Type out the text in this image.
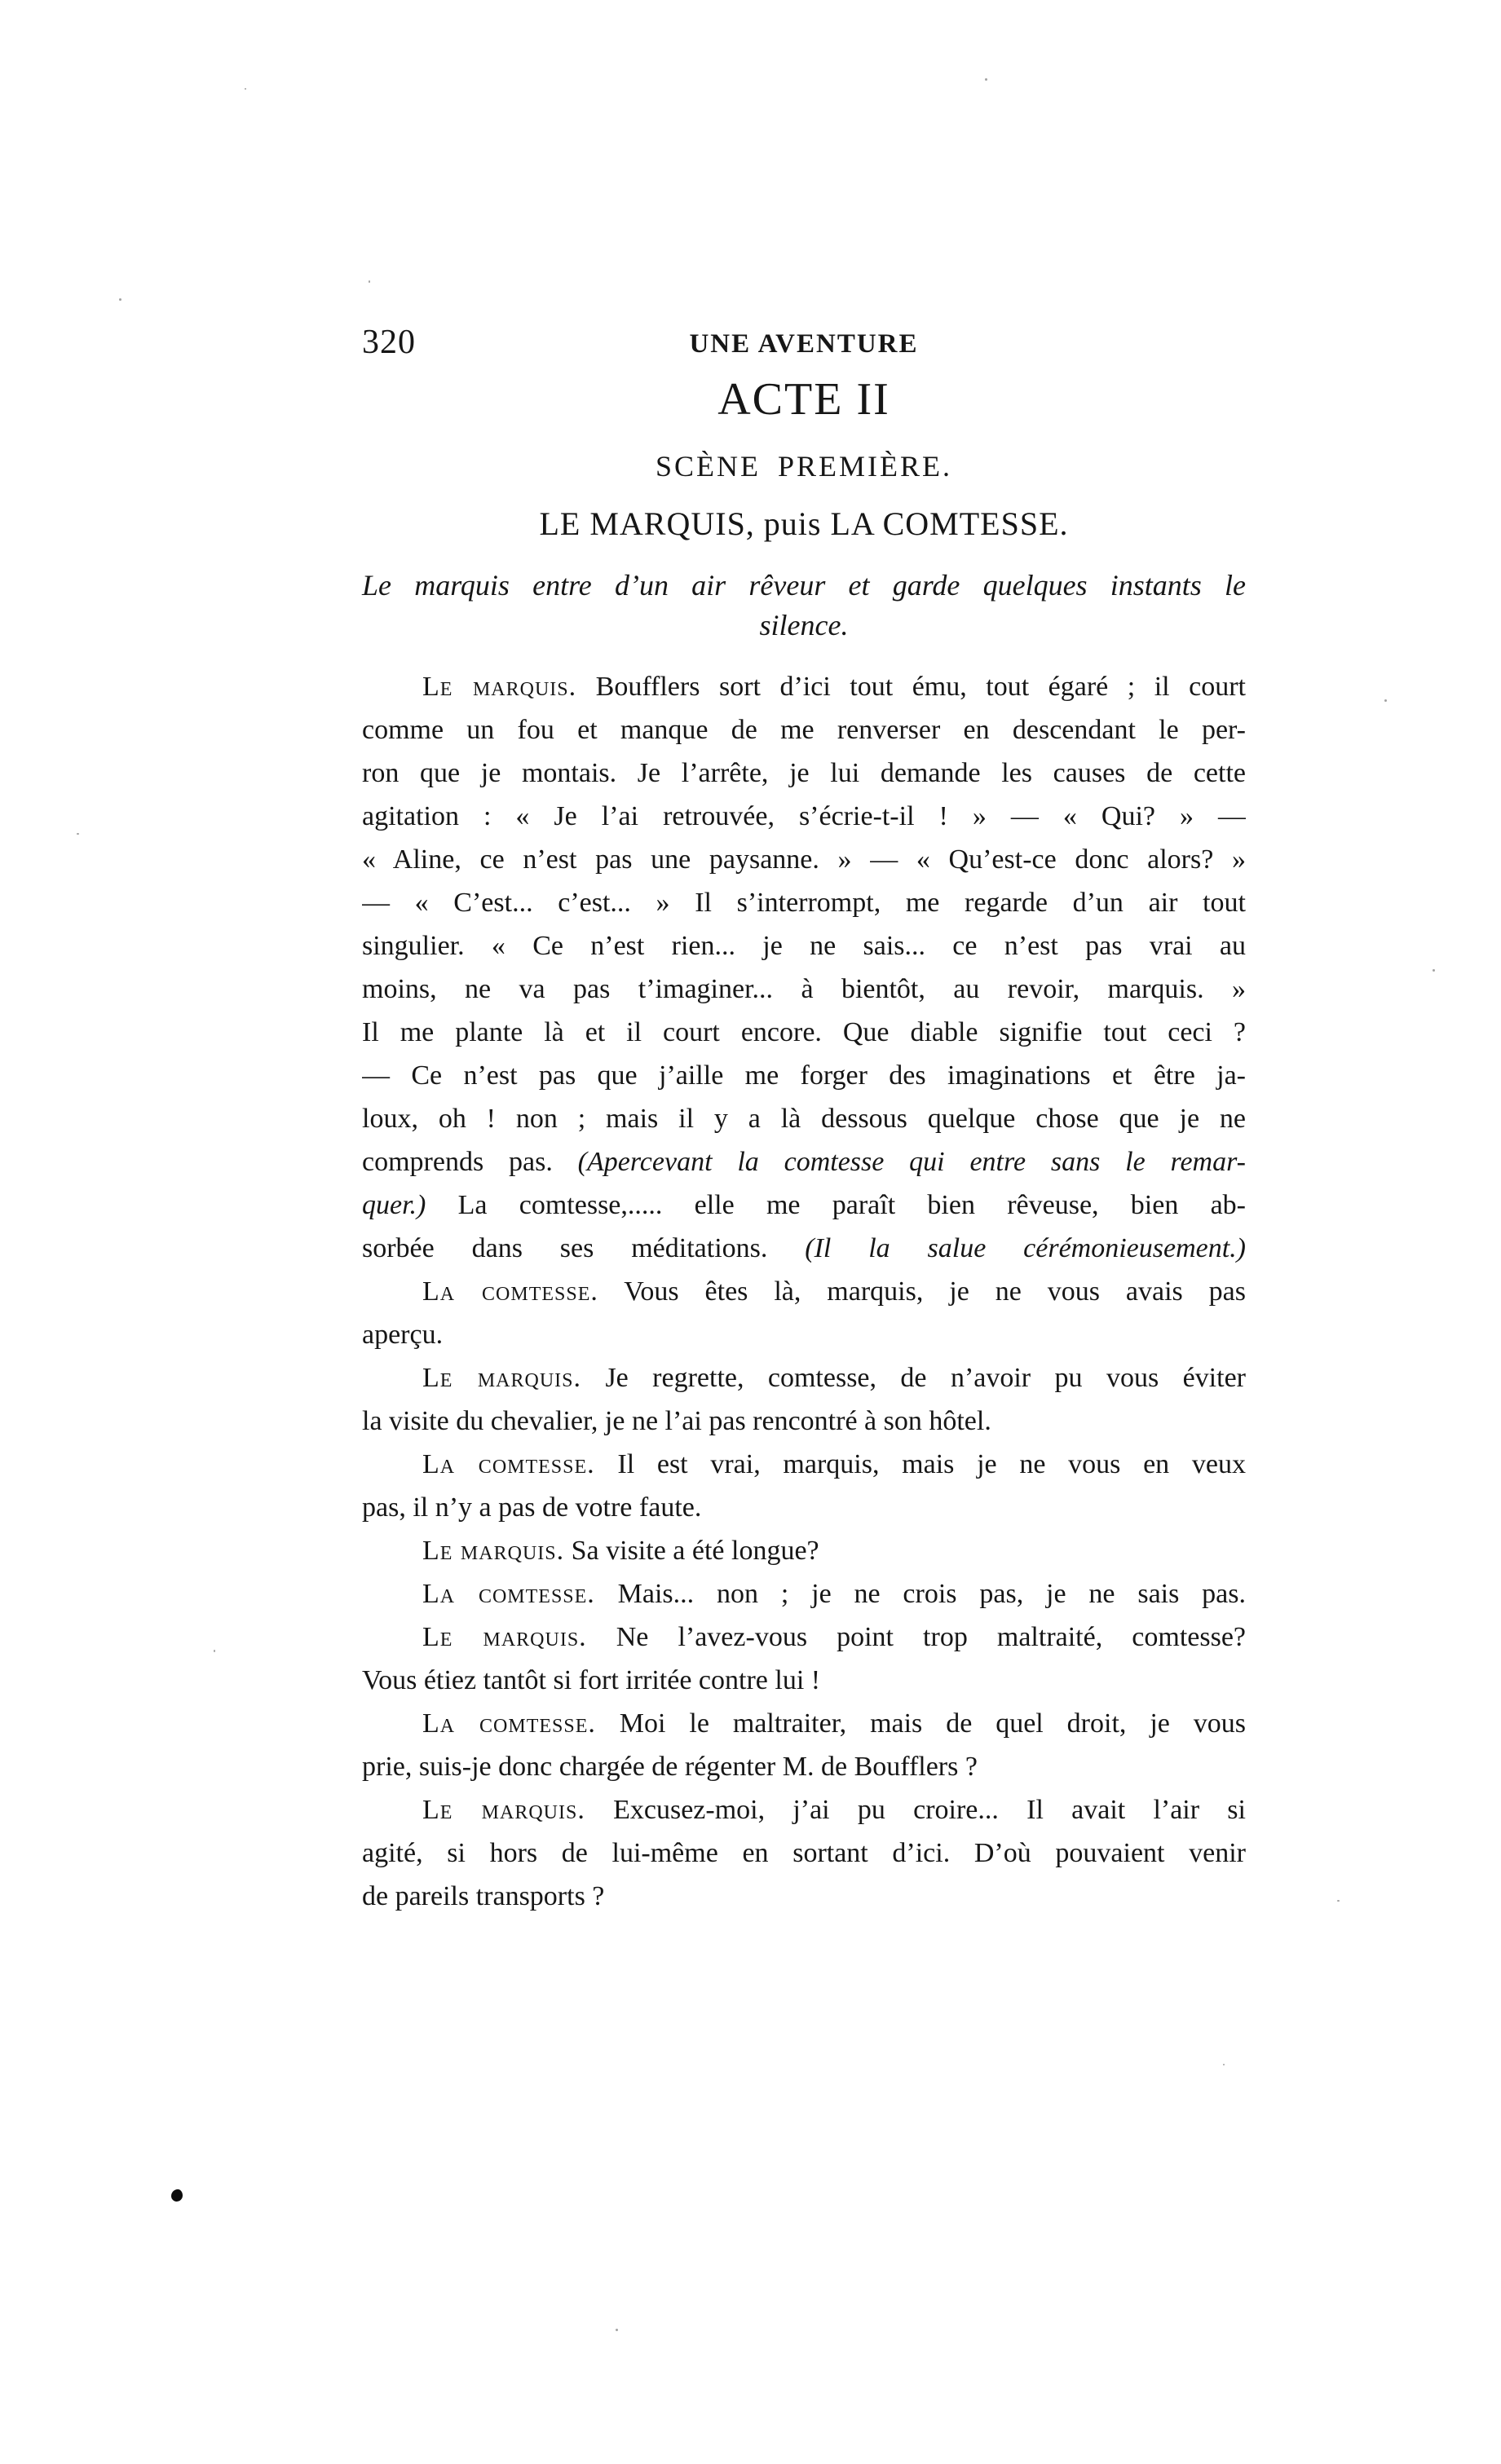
320	UNE AVENTURE
ACTE II
SCÈNE PREMIÈRE.
LE MARQUIS, puis LA COMTESSE.
Le marquis entre d’un air rêveur et garde quelques instants le
silence.
Le marquis. Boufflers sort d’ici tout ému, tout égaré ; il court
comme un fou et manque de me renverser en descendant le per-
ron que je montais. Je l’arrête, je lui demande les causes de cette
agitation : « Je l’ai retrouvée, s’écrie-t-il ! » — « Qui? » —
« Aline, ce n’est pas une paysanne. » — « Qu’est-ce donc alors? »
— « C’est... c’est... » Il s’interrompt, me regarde d’un air tout
singulier. « Ce n’est rien... je ne sais... ce n’est pas vrai au
moins, ne va pas t’imaginer... à bientôt, au revoir, marquis. »
Il me plante là et il court encore. Que diable signifie tout ceci ?
— Ce n’est pas que j’aille me forger des imaginations et être ja-
loux, oh ! non ; mais il y a là dessous quelque chose que je ne
comprends pas. (Apercevant la comtesse qui entre sans le remar-
quer.) La comtesse,..... elle me paraît bien rêveuse, bien ab-
sorbée dans ses méditations. (Il la salue cérémonieusement.)
La comtesse. Vous êtes là, marquis, je ne vous avais pas
aperçu.
Le marquis. Je regrette, comtesse, de n’avoir pu vous éviter
la visite du chevalier, je ne l’ai pas rencontré à son hôtel.
La comtesse. Il est vrai, marquis, mais je ne vous en veux
pas, il n’y a pas de votre faute.
Le marquis. Sa visite a été longue?
La comtesse. Mais... non ; je ne crois pas, je ne sais pas.
Le marquis. Ne l’avez-vous point trop maltraité, comtesse?
Vous étiez tantôt si fort irritée contre lui !
La comtesse. Moi le maltraiter, mais de quel droit, je vous
prie, suis-je donc chargée de régenter M. de Boufflers ?
Le marquis. Excusez-moi, j’ai pu croire... Il avait l’air si
agité, si hors de lui-même en sortant d’ici. D’où pouvaient venir
de pareils transports ?
